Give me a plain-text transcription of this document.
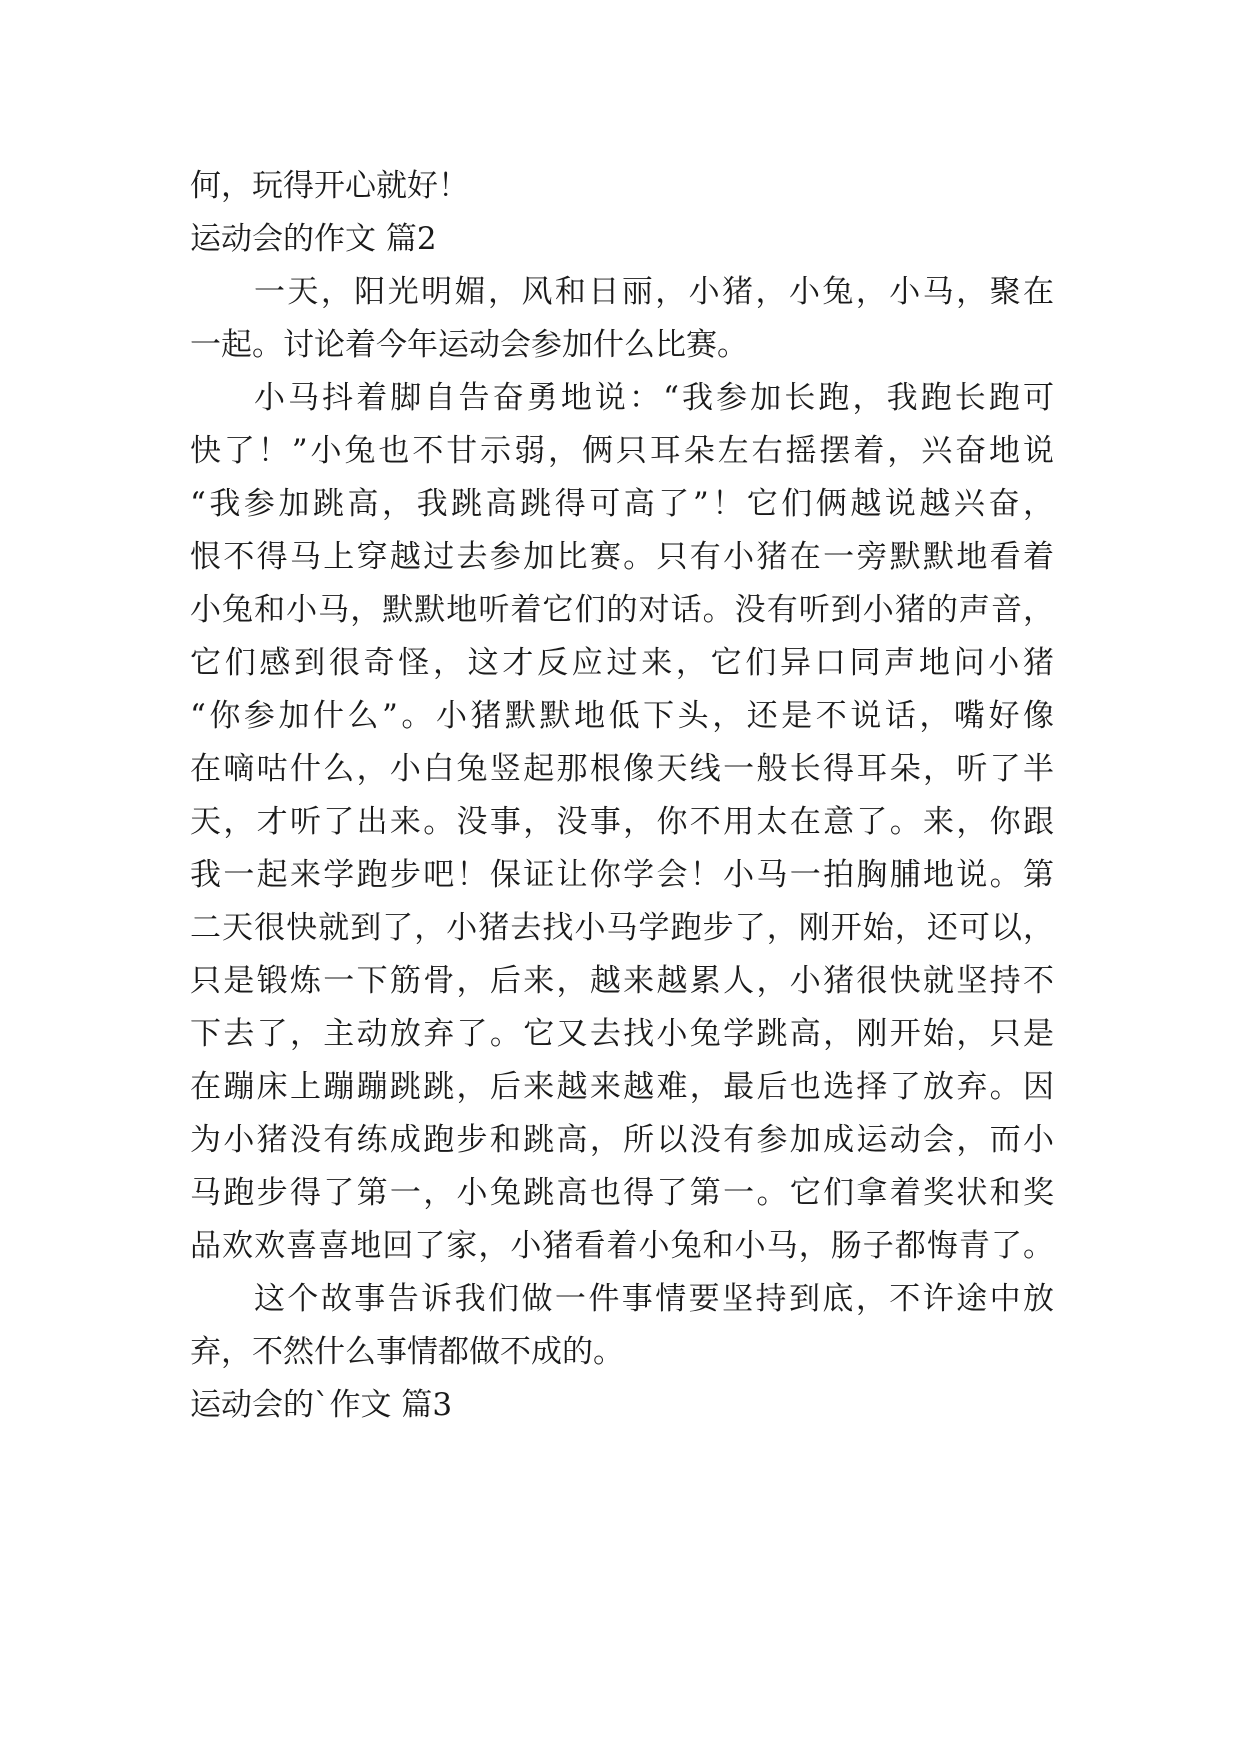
何，玩得开心就好！
运动会的作文 篇2
一天，阳光明媚，风和日丽，小猪，小兔，小马，聚在
一起。讨论着今年运动会参加什么比赛。
小马抖着脚自告奋勇地说：“我参加长跑，我跑长跑可
快了！”小兔也不甘示弱，俩只耳朵左右摇摆着，兴奋地说
“我参加跳高，我跳高跳得可高了”！它们俩越说越兴奋，
恨不得马上穿越过去参加比赛。只有小猪在一旁默默地看着
小兔和小马，默默地听着它们的对话。没有听到小猪的声音，
它们感到很奇怪，这才反应过来，它们异口同声地问小猪
“你参加什么”。小猪默默地低下头，还是不说话，嘴好像
在嘀咕什么，小白兔竖起那根像天线一般长得耳朵，听了半
天，才听了出来。没事，没事，你不用太在意了。来，你跟
我一起来学跑步吧！保证让你学会！小马一拍胸脯地说。第
二天很快就到了，小猪去找小马学跑步了，刚开始，还可以，
只是锻炼一下筋骨，后来，越来越累人，小猪很快就坚持不
下去了，主动放弃了。它又去找小兔学跳高，刚开始，只是
在蹦床上蹦蹦跳跳，后来越来越难，最后也选择了放弃。因
为小猪没有练成跑步和跳高，所以没有参加成运动会，而小
马跑步得了第一，小兔跳高也得了第一。它们拿着奖状和奖
品欢欢喜喜地回了家，小猪看着小兔和小马，肠子都悔青了。
这个故事告诉我们做一件事情要坚持到底，不许途中放
弃，不然什么事情都做不成的。
运动会的`作文 篇3
